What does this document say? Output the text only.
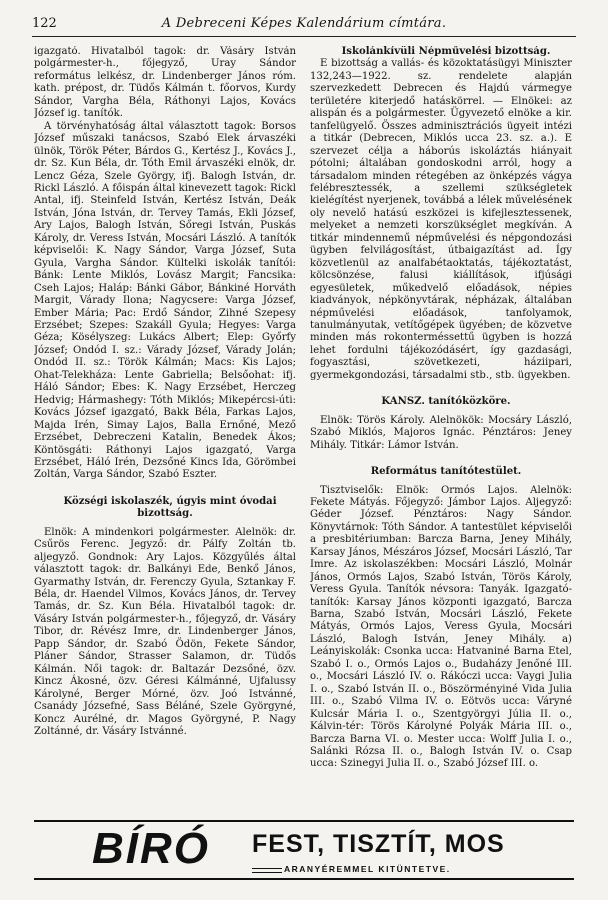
122	A Debreceni Képes Kalendárium címtára.

igazgató. Hivatalból tagok: dr. Vásáry István polgármester-h., főjegyző, Uray Sándor református lelkész, dr. Lindenberger János róm. kath. prépost, dr. Tüdős Kálmán t. főorvos, Kurdy Sándor, Vargha Béla, Ráthonyi Lajos, Kovács József ig. tanítók.

A törvényhatóság által választott tagok: Borsos József műszaki tanácsos, Szabó Elek árvaszéki ülnök, Török Péter, Bárdos G., Kertész J., Kovács J., dr. Sz. Kun Béla, dr. Tóth Emil árvaszéki elnök, dr. Lencz Géza, Szele György, ifj. Balogh István, dr. Rickl László. A főispán által kinevezett tagok: Rickl Antal, ifj. Steinfeld István, Kertész István, Deák István, Jóna István, dr. Tervey Tamás, Ekli József, Ary Lajos, Balogh István, Sőregi István, Puskás Károly, dr. Veress István, Mocsári László. A tanítók képviselői: K. Nagy Sándor, Varga József, Suta Gyula, Vargha Sándor. Kültelki iskolák tanítói: Bánk: Lente Miklós, Lovász Margit; Fancsika: Cseh Lajos; Haláp: Bánki Gábor, Bánkiné Horváth Margit, Várady Ilona; Nagycsere: Varga József, Ember Mária; Pac: Erdő Sándor, Zihné Szepesy Erzsébet; Szepes: Szakáll Gyula; Hegyes: Varga Géza; Kösélyszeg: Lukács Albert; Elep: Győrfy József; Ondód I. sz.: Várady József, Várady Jolán; Ondód II. sz.: Török Kálmán; Macs: Kis Lajos; Ohat-Telekháza: Lente Gabriella; Belsőohat: ifj. Háló Sándor; Ebes: K. Nagy Erzsébet, Herczeg Hedvig; Hármashegy: Tóth Miklós; Mikepércsi-úti: Kovács József igazgató, Bakk Béla, Farkas Lajos, Majda Irén, Simay Lajos, Balla Ernőné, Mező Erzsébet, Debreczeni Katalin, Benedek Ákos; Köntösgáti: Ráthonyi Lajos igazgató, Varga Erzsébet, Háló Irén, Dezsőné Kincs Ida, Görömbei Zoltán, Varga Sándor, Szabó Eszter.

Községi iskolaszék, úgyis mint óvodai bizottság.

Elnök: A mindenkori polgármester. Alelnök: dr. Csűrös Ferenc. Jegyző: dr. Pálfy Zoltán tb. aljegyző. Gondnok: Ary Lajos. Közgyűlés által választott tagok: dr. Balkányi Ede, Benkő János, Gyarmathy István, dr. Ferenczy Gyula, Sztankay F. Béla, dr. Haendel Vilmos, Kovács János, dr. Tervey Tamás, dr. Sz. Kun Béla. Hivatalból tagok: dr. Vásáry István polgármester-h., főjegyző, dr. Vásáry Tibor, dr. Révész Imre, dr. Lindenberger János, Papp Sándor, dr. Szabó Ödön, Fekete Sándor, Pláner Sándor, Strasser Salamon, dr. Tüdős Kálmán. Női tagok: dr. Baltazár Dezsőné, özv. Kincz Ákosné, özv. Géresi Kálmánné, Ujfalussy Károlyné, Berger Mórné, özv. Joó Istvánné, Csanády Józsefné, Sass Béláné, Szele Györgyné, Koncz Aurélné, dr. Magos Györgyné, P. Nagy Zoltánné, dr. Vásáry Istvánné.

Iskolánkívüli Népművelési bizottság.

E bizottság a vallás- és közoktatásügyi Miniszter 132,243—1922. sz. rendelete alapján szervezkedett Debrecen és Hajdú vármegye területére kiterjedő hatáskörrel. — Elnökei: az alispán és a polgármester. Ügyvezető elnöke a kir. tanfelügyelő. Összes adminisztrációs ügyeit intézi a titkár (Debrecen, Miklós ucca 23. sz. a.). E szervezet célja a háborús iskoláztás hiányait pótolni; általában gondoskodni arról, hogy a társadalom minden rétegében az önképzés vágya felébresztessék, a szellemi szükségletek kielégítést nyerjenek, továbbá a lélek művelésének oly nevelő hatású eszközei is kifejlesztessenek, melyeket a nemzeti korszükséglet megkíván. A titkár mindennemű népművelési és népgondozási ügyben felvilágosítást, útbaigazítást ad. Így közvetlenül az analfabétaoktatás, tájékoztatást, kölcsönzése, falusi kiállítások, ifjúsági egyesületek, műkedvelő előadások, népies kiadványok, népkönyvtárak, népházak, általában népművelési előadások, tanfolyamok, tanulmányutak, vetítőgépek ügyében; de közvetve minden más rokonterméssettű ügyben is hozzá lehet fordulni tájékozódásért, így gazdasági, fogyasztási, szövetkezeti, háziipari, gyermekgondozási, társadalmi stb., stb. ügyekben.

KANSZ. tanítóközköre.

Elnök: Törös Károly. Alelnökök: Mocsáry László, Szabó Miklós, Majoros Ignác. Pénztáros: Jeney Mihály. Titkár: Lámor István.

Református tanítótestület.

Tisztviselők: Elnök: Ormós Lajos. Alelnök: Fekete Mátyás. Főjegyző: Jámbor Lajos. Aljegyző: Géder József. Pénztáros: Nagy Sándor. Könyvtárnok: Tóth Sándor. A tantestület képviselői a presbitériumban: Barcza Barna, Jeney Mihály, Karsay János, Mészáros József, Mocsári László, Tar Imre. Az iskolaszékben: Mocsári László, Molnár János, Ormós Lajos, Szabó István, Törös Károly, Veress Gyula. Tanítók névsora: Tanyák. Igazgató-tanítók: Karsay János központi igazgató, Barcza Barna, Szabó István, Mocsári László, Fekete Mátyás, Ormós Lajos, Veress Gyula, Mocsári László, Balogh István, Jeney Mihály. a) Leányiskolák: Csonka ucca: Hatvaniné Barna Etel, Szabó I. o., Ormós Lajos o., Budaházy Jenőné III. o., Mocsári László IV. o. Rákóczi ucca: Vaygi Julia I. o., Szabó István II. o., Böszörményiné Vida Julia III. o., Szabó Vilma IV. o. Eötvös ucca: Váryné Kulcsár Mária I. o., Szentgyörgyi Júlia II. o., Kálvin-tér: Törös Károlyné Polyák Mária III. o., Barcza Barna VI. o. Mester ucca: Wolff Julia I. o., Salánki Rózsa II. o., Balogh István IV. o. Csap ucca: Szinegyi Julia II. o., Szabó József III. o.

BÍRÓ FEST, TISZTÍT, MOS
ARANYÉREMMEL KITÜNTETVE.
